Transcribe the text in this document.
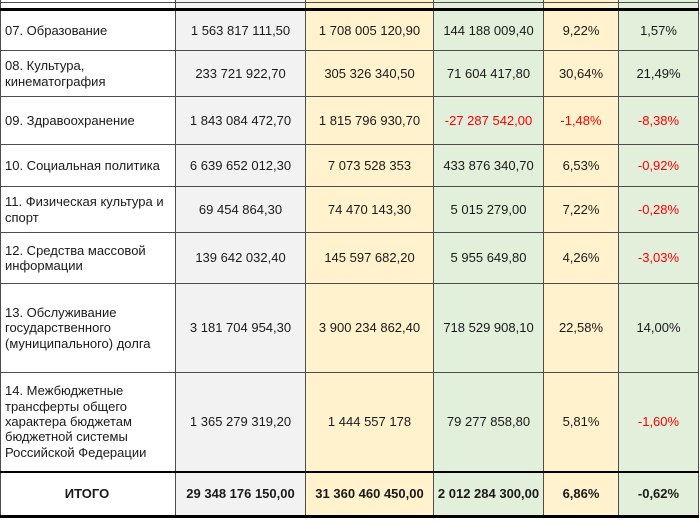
07. Образование	1 563 817 111,50	1 708 005 120,90	144 188 009,40	9,22%	1,57%
08. Культура, кинематография	233 721 922,70	305 326 340,50	71 604 417,80	30,64%	21,49%
09. Здравоохранение	1 843 084 472,70	1 815 796 930,70	-27 287 542,00	-1,48%	-8,38%
10. Социальная политика	6 639 652 012,30	7 073 528 353	433 876 340,70	6,53%	-0,92%
11. Физическая культура и спорт	69 454 864,30	74 470 143,30	5 015 279,00	7,22%	-0,28%
12. Средства массовой информации	139 642 032,40	145 597 682,20	5 955 649,80	4,26%	-3,03%
13. Обслуживание государственного (муниципального) долга	3 181 704 954,30	3 900 234 862,40	718 529 908,10	22,58%	14,00%
14. Межбюджетные трансферты общего характера бюджетам бюджетной системы Российской Федерации	1 365 279 319,20	1 444 557 178	79 277 858,80	5,81%	-1,60%
ИТОГО	29 348 176 150,00	31 360 460 450,00	2 012 284 300,00	6,86%	-0,62%
